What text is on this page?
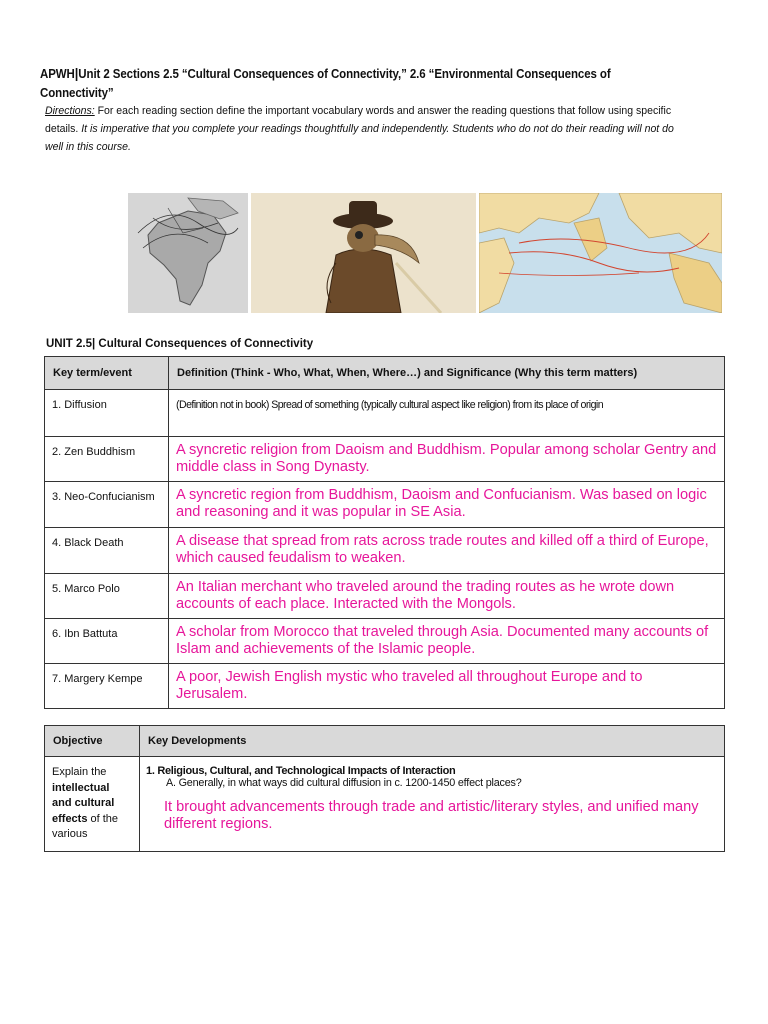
APWH|Unit 2 Sections 2.5 “Cultural Consequences of Connectivity,” 2.6 “Environmental Consequences of Connectivity”
Directions: For each reading section define the important vocabulary words and answer the reading questions that follow using specific details. It is imperative that you complete your readings thoughtfully and independently. Students who do not do their reading will not do well in this course.
UNIT 2.5| Cultural Consequences of Connectivity
Key term/event	Definition (Think - Who, What, When, Where…) and Significance (Why this term matters)
1. Diffusion	(Definition not in book) Spread of something (typically cultural aspect like religion) from its place of origin

2. Zen Buddhism	A syncretic religion from Daoism and Buddhism. Popular among scholar Gentry and middle class in Song Dynasty.

3. Neo-Confucianism	A syncretic region from Buddhism, Daoism and Confucianism. Was based on logic and reasoning and it was popular in SE Asia.

4. Black Death	A disease that spread from rats across trade routes and killed off a third of Europe, which caused feudalism to weaken.

5. Marco Polo	An Italian merchant who traveled around the trading routes as he wrote down accounts of each place. Interacted with the Mongols.

6. Ibn Battuta	A scholar from Morocco that traveled through Asia. Documented many accounts of Islam and achievements of the Islamic people.

7. Margery Kempe	A poor, Jewish English mystic who traveled all throughout Europe and to Jerusalem.
Objective	Key Developments
Explain the intellectual and cultural effects of the various	1. Religious, Cultural, and Technological Impacts of Interaction
A. Generally, in what ways did cultural diffusion in c. 1200-1450 effect places?
It brought advancements through trade and artistic/literary styles, and unified many different regions.
